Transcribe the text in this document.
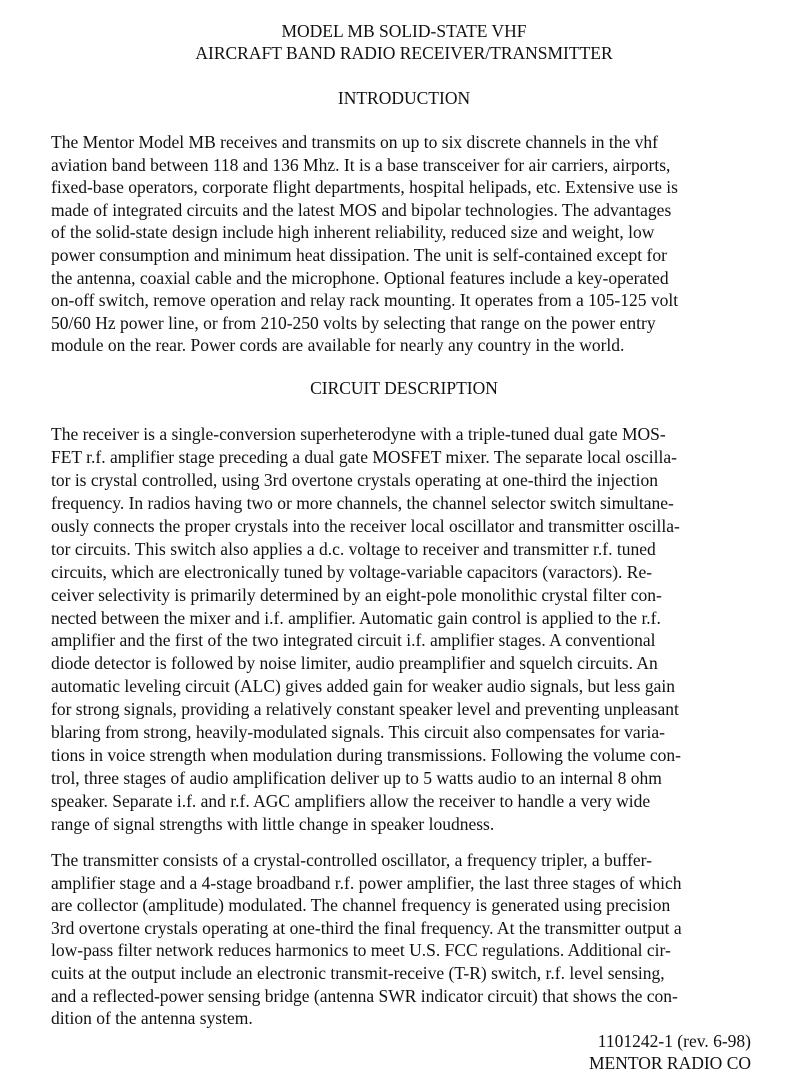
MODEL MB SOLID-STATE VHF
AIRCRAFT BAND RADIO RECEIVER/TRANSMITTER
INTRODUCTION
The Mentor Model MB receives and transmits on up to six discrete channels in the vhf
aviation band between 118 and 136 Mhz. It is a base transceiver for air carriers, airports,
fixed-base operators, corporate flight departments, hospital helipads, etc. Extensive use is
made of integrated circuits and the latest MOS and bipolar technologies. The advantages
of the solid-state design include high inherent reliability, reduced size and weight, low
power consumption and minimum heat dissipation. The unit is self-contained except for
the antenna, coaxial cable and the microphone. Optional features include a key-operated
on-off switch, remove operation and relay rack mounting. It operates from a 105-125 volt
50/60 Hz power line, or from 210-250 volts by selecting that range on the power entry
module on the rear. Power cords are available for nearly any country in the world.
CIRCUIT DESCRIPTION
The receiver is a single-conversion superheterodyne with a triple-tuned dual gate MOS-
FET r.f. amplifier stage preceding a dual gate MOSFET mixer. The separate local oscilla-
tor is crystal controlled, using 3rd overtone crystals operating at one-third the injection
frequency. In radios having two or more channels, the channel selector switch simultane-
ously connects the proper crystals into the receiver local oscillator and transmitter oscilla-
tor circuits. This switch also applies a d.c. voltage to receiver and transmitter r.f. tuned
circuits, which are electronically tuned by voltage-variable capacitors (varactors). Re-
ceiver selectivity is primarily determined by an eight-pole monolithic crystal filter con-
nected between the mixer and i.f. amplifier. Automatic gain control is applied to the r.f.
amplifier and the first of the two integrated circuit i.f. amplifier stages. A conventional
diode detector is followed by noise limiter, audio preamplifier and squelch circuits. An
automatic leveling circuit (ALC) gives added gain for weaker audio signals, but less gain
for strong signals, providing a relatively constant speaker level and preventing unpleasant
blaring from strong, heavily-modulated signals. This circuit also compensates for varia-
tions in voice strength when modulation during transmissions. Following the volume con-
trol, three stages of audio amplification deliver up to 5 watts audio to an internal 8 ohm
speaker. Separate i.f. and r.f. AGC amplifiers allow the receiver to handle a very wide
range of signal strengths with little change in speaker loudness.
The transmitter consists of a crystal-controlled oscillator, a frequency tripler, a buffer-
amplifier stage and a 4-stage broadband r.f. power amplifier, the last three stages of which
are collector (amplitude) modulated. The channel frequency is generated using precision
3rd overtone crystals operating at one-third the final frequency. At the transmitter output a
low-pass filter network reduces harmonics to meet U.S. FCC regulations. Additional cir-
cuits at the output include an electronic transmit-receive (T-R) switch, r.f. level sensing,
and a reflected-power sensing bridge (antenna SWR indicator circuit) that shows the con-
dition of the antenna system.

1101242-1 (rev. 6-98)

MENTOR RADIO CO
